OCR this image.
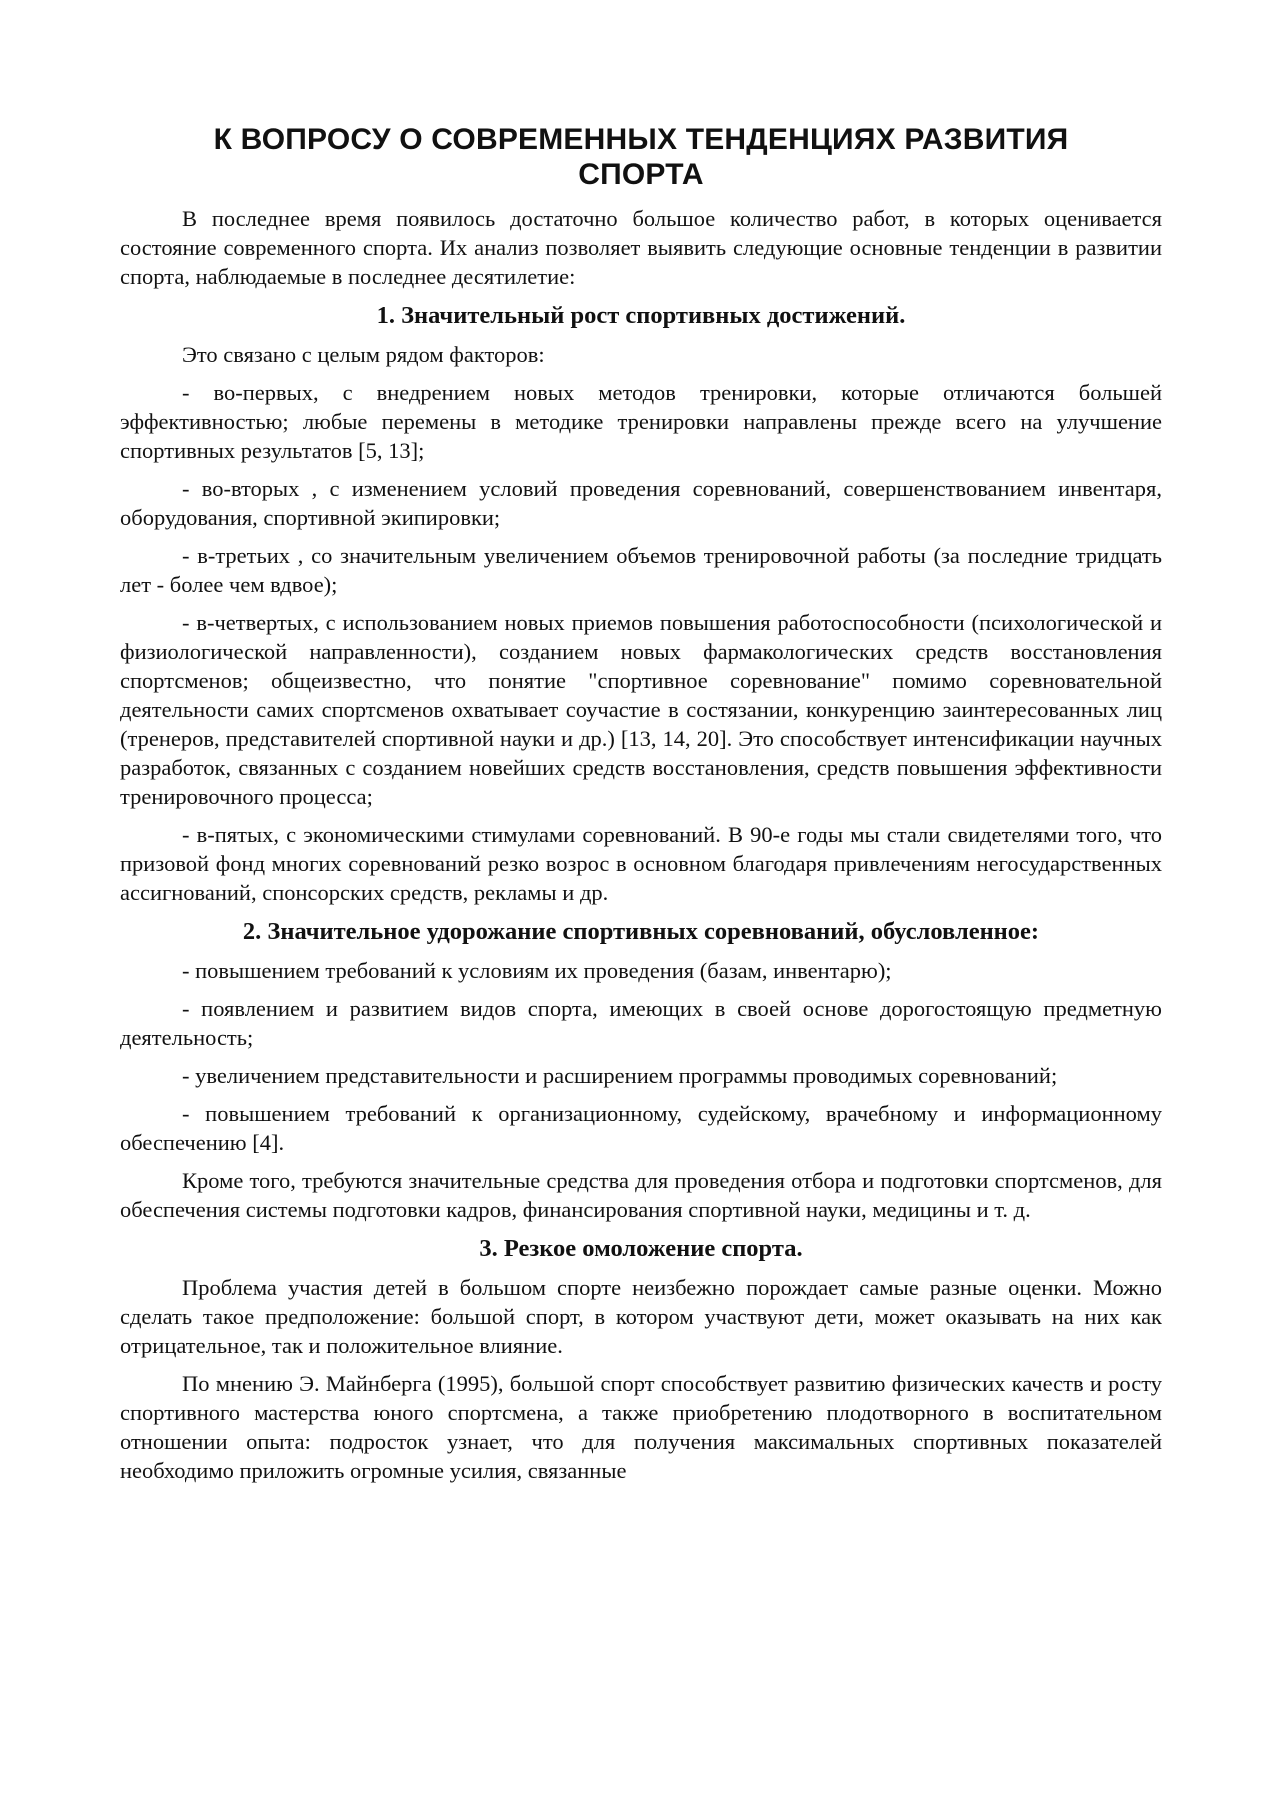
К ВОПРОСУ О СОВРЕМЕННЫХ ТЕНДЕНЦИЯХ РАЗВИТИЯ
СПОРТА

В последнее время появилось достаточно большое количество работ, в которых оценивается состояние современного спорта. Их анализ позволяет выявить следующие основные тенденции в развитии спорта, наблюдаемые в последнее десятилетие:

1. Значительный рост спортивных достижений.

Это связано с целым рядом факторов:

- во-первых, с внедрением новых методов тренировки, которые отличаются большей эффективностью; любые перемены в методике тренировки направлены прежде всего на улучшение спортивных результатов [5, 13];

- во-вторых , с изменением условий проведения соревнований, совершенствованием инвентаря, оборудования, спортивной экипировки;

- в-третьих , со значительным увеличением объемов тренировочной работы (за последние тридцать лет - более чем вдвое);

- в-четвертых, с использованием новых приемов повышения работоспособности (психологической и физиологической направленности), созданием новых фармакологических средств восстановления спортсменов; общеизвестно, что понятие "спортивное соревнование" помимо соревновательной деятельности самих спортсменов охватывает соучастие в состязании, конкуренцию заинтересованных лиц (тренеров, представителей спортивной науки и др.) [13, 14, 20]. Это способствует интенсификации научных разработок, связанных с созданием новейших средств восстановления, средств повышения эффективности тренировочного процесса;

- в-пятых, с экономическими стимулами соревнований. В 90-е годы мы стали свидетелями того, что призовой фонд многих соревнований резко возрос в основном благодаря привлечениям негосударственных ассигнований, спонсорских средств, рекламы и др.

2. Значительное удорожание спортивных соревнований, обусловленное:

- повышением требований к условиям их проведения (базам, инвентарю);

- появлением и развитием видов спорта, имеющих в своей основе дорогостоящую предметную деятельность;

- увеличением представительности и расширением программы проводимых соревнований;

- повышением требований к организационному, судейскому, врачебному и информационному обеспечению [4].

Кроме того, требуются значительные средства для проведения отбора и подготовки спортсменов, для обеспечения системы подготовки кадров, финансирования спортивной науки, медицины и т. д.

3. Резкое омоложение спорта.

Проблема участия детей в большом спорте неизбежно порождает самые разные оценки. Можно сделать такое предположение: большой спорт, в котором участвуют дети, может оказывать на них как отрицательное, так и положительное влияние.

По мнению Э. Майнберга (1995), большой спорт способствует развитию физических качеств и росту спортивного мастерства юного спортсмена, а также приобретению плодотворного в воспитательном отношении опыта: подросток узнает, что для получения максимальных спортивных показателей необходимо приложить огромные усилия, связанные
